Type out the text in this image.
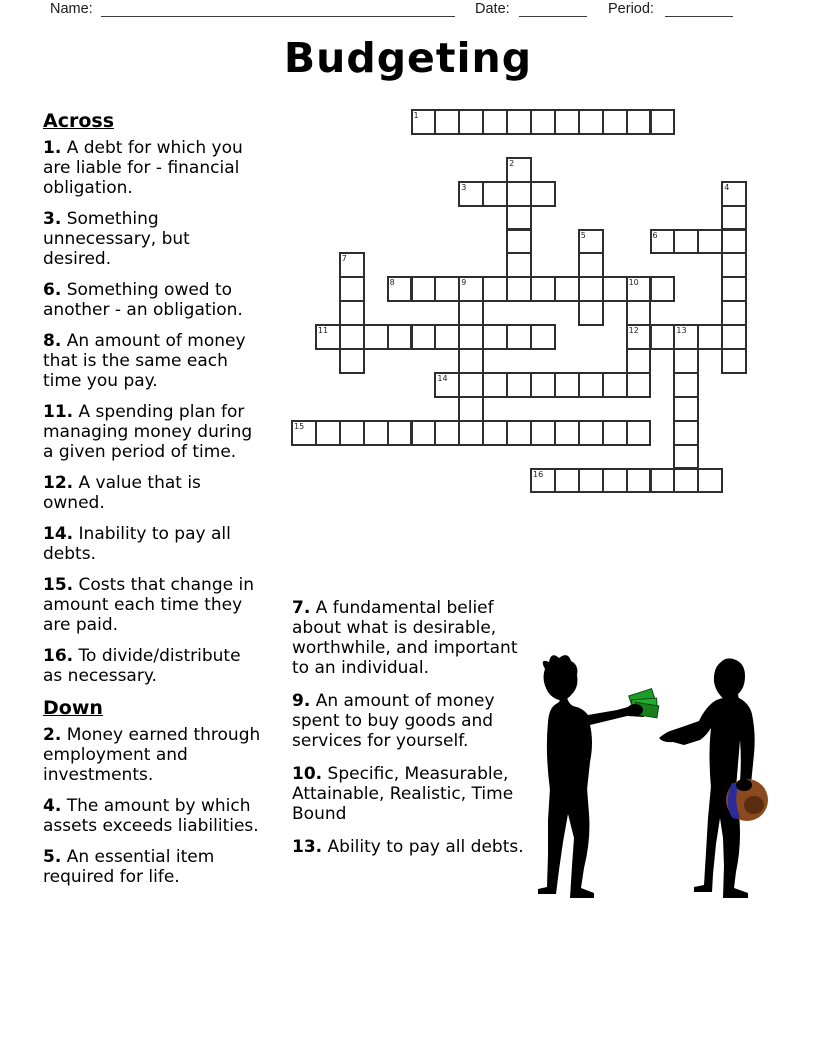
Name:	Date:	Period:
Budgeting
Across

1. A debt for which you are liable for - financial obligation.

3. Something unnecessary, but desired.

6. Something owed to another - an obligation.

8. An amount of money that is the same each time you pay.

11. A spending plan for managing money during a given period of time.

12. A value that is owned.

14. Inability to pay all debts.

15. Costs that change in amount each time they are paid.

16. To divide/distribute as necessary.

Down

2. Money earned through employment and investments.

4. The amount by which assets exceeds liabilities.

5. An essential item required for life.

7. A fundamental belief about what is desirable, worthwhile, and important to an individual.

9. An amount of money spent to buy goods and services for yourself.

10. Specific, Measurable, Attainable, Realistic, Time Bound

13. Ability to pay all debts.

1
3
6
8	9	10
11	12	13
14
15
16
2
4
5
7
